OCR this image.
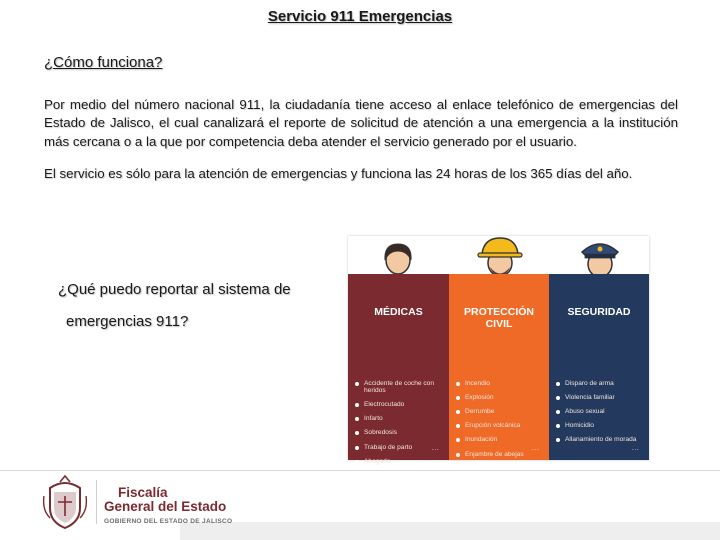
Servicio 911 Emergencias
¿Cómo funciona?
Por medio del número nacional 911, la ciudadanía tiene acceso al enlace telefónico de emergencias del Estado de Jalisco, el cual canalizará el reporte de solicitud de atención a una emergencia a la institución más cercana o a la que por competencia deba atender el servicio generado por el usuario.
El servicio es sólo para la atención de emergencias y funciona las 24 horas de los 365 días del año.
¿Qué puedo reportar al sistema de
emergencias 911?
MÉDICAS
Accidente de coche con heridos
Electrocutado
Infarto
Sobredosis
Trabajo de parto
Ahogado
...
PROTECCIÓN
CIVIL
Incendio
Explosión
Derrumbe
Erupción volcánica
Inundación
Enjambre de abejas
...
SEGURIDAD
Disparo de arma
Violencia familiar
Abuso sexual
Homicidio
Allanamiento de morada
...
Fiscalía
General del Estado
GOBIERNO DEL ESTADO DE JALISCO
